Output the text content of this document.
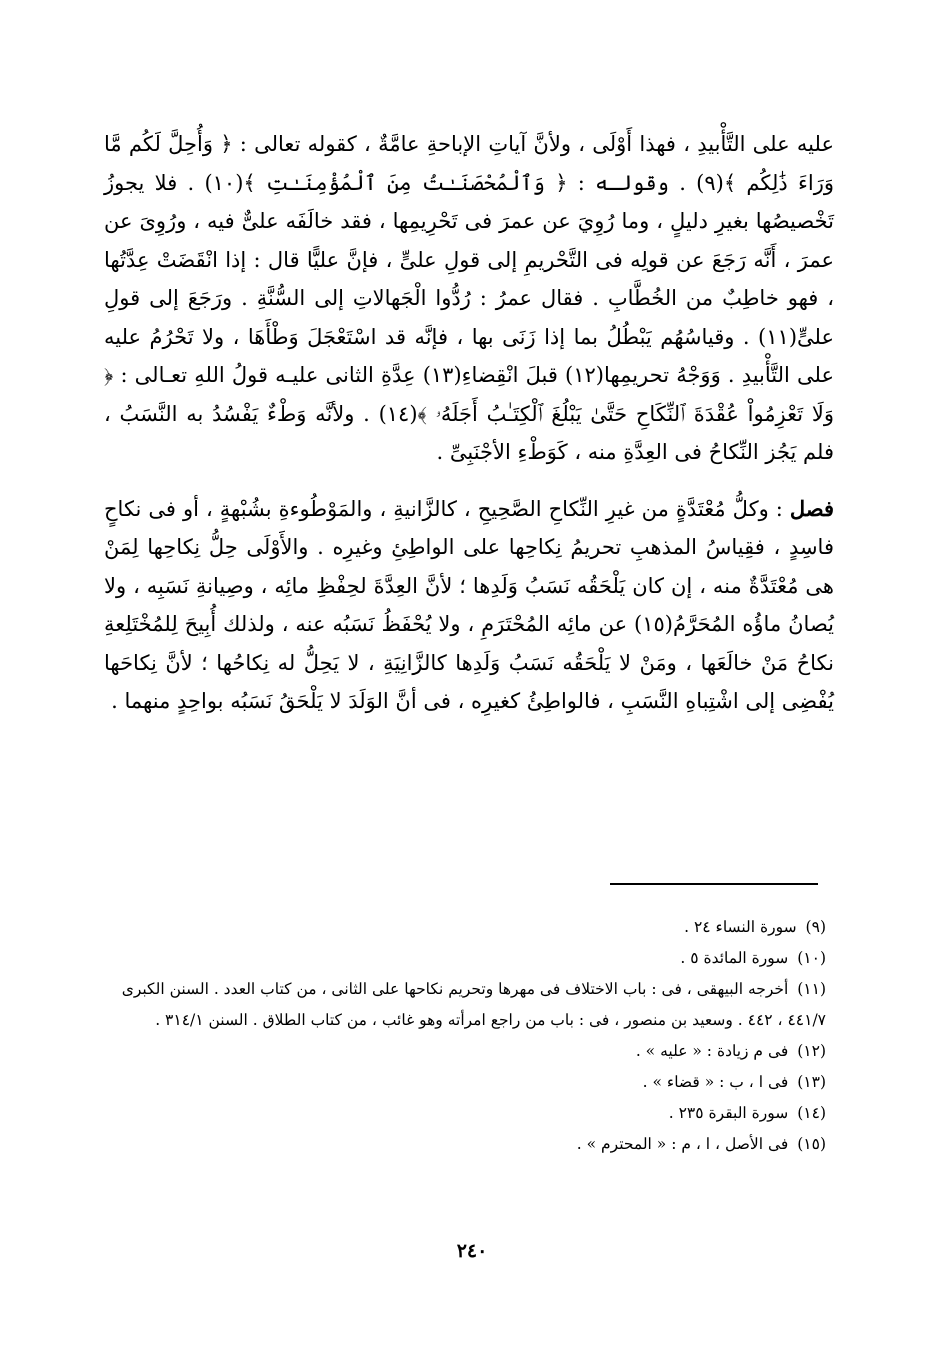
عليه على التَّأْبيدِ ، فهذا أَوْلَى ، ولأنَّ آياتِ الإباحةِ عامَّةٌ ، كقوله تعالى : ﴿ وَأُحِلَّ لَكُم مَّا وَرَاءَ ذَٰلِكُم ﴾(٩) . وقولـه : ﴿ وَٱلْمُحْصَنَـٰتُ مِنَ ٱلْمُؤْمِنَـٰتِ ﴾(١٠) . فلا يجوزُ تَخْصيصُها بغيرِ دليلٍ ، وما رُوِيَ عن عمرَ فى تَحْرِيمِها ، فقد خالَفَه علىٌّ فيه ، ورُوِىَ عن عمرَ ، أَنَّه رَجَعَ عن قولِه فى التَّحْريمِ إلى قولِ علىٍّ ، فإنَّ عليًّا قال : إذا انْقَضَتْ عِدَّتُها ، فهو خاطِبٌ من الخُطَّابِ . فقال عمرُ : رُدُّوا الْجَهالاتِ إلى السُّنَّةِ . ورَجَعَ إلى قولِ علىٍّ(١١) . وقياسُهُم يَبْطُلُ بما إذا زَنَى بها ، فإنَّه قد اسْتَعْجَلَ وَطْأَهَا ، ولا تَحْرُمُ عليه على التَّأْبيدِ . وَوَجْهُ تحريمِها(١٢) قبلَ انْقِضاءِ(١٣) عِدَّةِ الثانى عليـه قولُ اللهِ تعـالى : ﴿ وَلَا تَعْزِمُواْ عُقْدَةَ ٱلنِّكَاحِ حَتَّىٰ يَبْلُغَ ٱلْكِتَـٰبُ أَجَلَهُۥ ﴾(١٤) . ولأنَّه وَطْءٌ يَفْسُدُ به النَّسَبُ ، فلم يَجُز النِّكاحُ فى العِدَّةِ منه ، كَوَطْءِ الأجْنَبِىِّ .

فصل : وكلُّ مُعْتَدَّةٍ من غيرِ النِّكاحِ الصَّحِيحِ ، كالزَّانيةِ ، والمَوْطُوءةِ بشُبْهةٍ ، أو فى نكاحٍ فاسِدٍ ، فقِياسُ المذهبِ تحريمُ نِكاحِها على الواطِئِ وغيرِه . والأَوْلَى حِلُّ نِكاحِها لِمَنْ هى مُعْتَدَّةٌ منه ، إن كان يَلْحَقُه نَسَبُ وَلَدِها ؛ لأنَّ العِدَّةَ لحِفْظِ مائِه ، وصِيانةِ نَسَبِه ، ولا يُصانُ ماؤُه المُحَرَّمُ(١٥) عن مائِه المُحْتَرَمِ ، ولا يُحْفَظُ نَسَبُه عنه ، ولذلك أُبِيحَ لِلمُخْتَلِعةِ نكاحُ مَنْ خالَعَها ، ومَنْ لا يَلْحَقُه نَسَبُ وَلَدِها كالزَّانِيَةِ ، لا يَحِلُّ له نِكاحُها ؛ لأنَّ نِكاحَها يُفْضِى إلى اشْتِباهِ النَّسَبِ ، فالواطِئُ كغيرِه ، فى أنَّ الوَلَدَ لا يَلْحَقُ نَسَبُه بواحِدٍ منهما .

(٩) سورة النساء ٢٤ .

(١٠) سورة المائدة ٥ .

(١١) أخرجه البيهقى ، فى : باب الاختلاف فى مهرها وتحريم نكاحها على الثانى ، من كتاب العدد . السنن الكبرى ٤٤١/٧ ، ٤٤٢ . وسعيد بن منصور ، فى : باب من راجع امرأته وهو غائب ، من كتاب الطلاق . السنن ٣١٤/١ .

(١٢) فى م زيادة : « عليه » .

(١٣) فى ا ، ب : « قضاء » .

(١٤) سورة البقرة ٢٣٥ .

(١٥) فى الأصل ، ا ، م : « المحترم » .

٢٤٠
